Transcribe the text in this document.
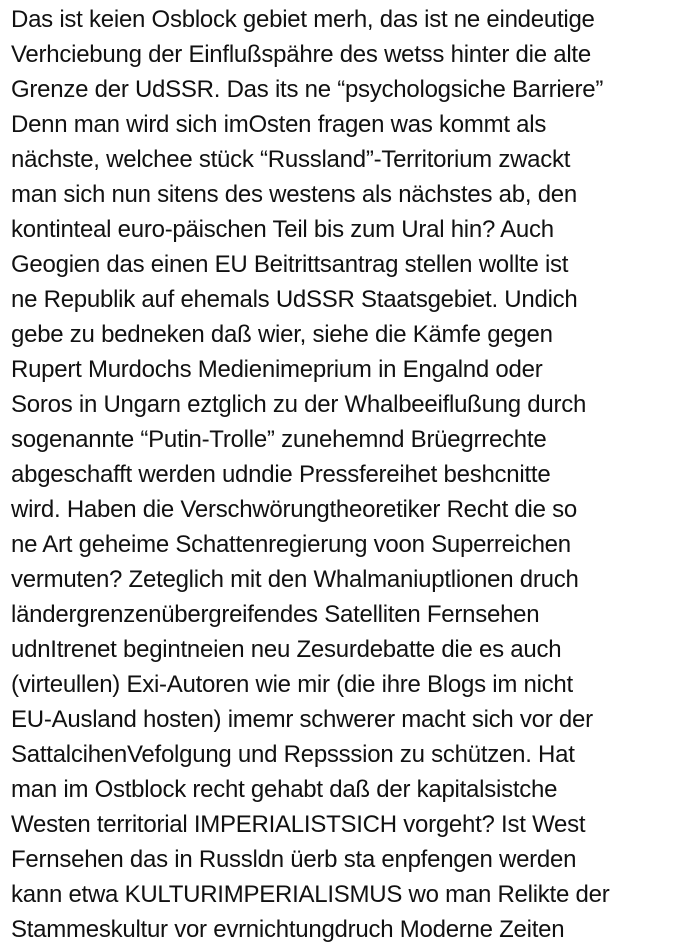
Das ist keien Osblock gebiet merh, das ist ne eindeutige
Verhciebung der Einflußspähre des wetss hinter die alte
Grenze der UdSSR. Das its ne “psychologsiche Barriere”
Denn man wird sich imOsten fragen was kommt als
nächste, welchee stück “Russland”-Territorium zwackt
man sich nun sitens des westens als nächstes ab, den
kontinteal euro-päischen Teil bis zum Ural hin? Auch
Geogien das einen EU Beitrittsantrag stellen wollte ist
ne Republik auf ehemals UdSSR Staatsgebiet. Undich
gebe zu bedneken daß wier, siehe die Kämfe gegen
Rupert Murdochs Medienimeprium in Engalnd oder
Soros in Ungarn eztglich zu der Whalbeeiflußung durch
sogenannte “Putin-Trolle” zunehemnd Brüegrrechte
abgeschafft werden udndie Pressfereihet beshcnitte
wird. Haben die Verschwörungtheoretiker Recht die so
ne Art geheime Schattenregierung voon Superreichen
vermuten? Zeteglich mit den Whalmaniuptlionen druch
ländergrenzenübergreifendes Satelliten Fernsehen
udnItrenet begintneien neu Zesurdebatte die es auch
(virteullen) Exi-Autoren wie mir (die ihre Blogs im nicht
EU-Ausland hosten) imemr schwerer macht sich vor der
SattalcihenVefolgung und Repsssion zu schützen. Hat
man im Ostblock recht gehabt daß der kapitalsistche
Westen territorial IMPERIALISTSICH vorgeht? Ist West
Fernsehen das in Russldn üerb sta enpfengen werden
kann etwa KULTURIMPERIALISMUS wo man Relikte der
Stammeskultur vor evrnichtungdruch Moderne Zeiten
